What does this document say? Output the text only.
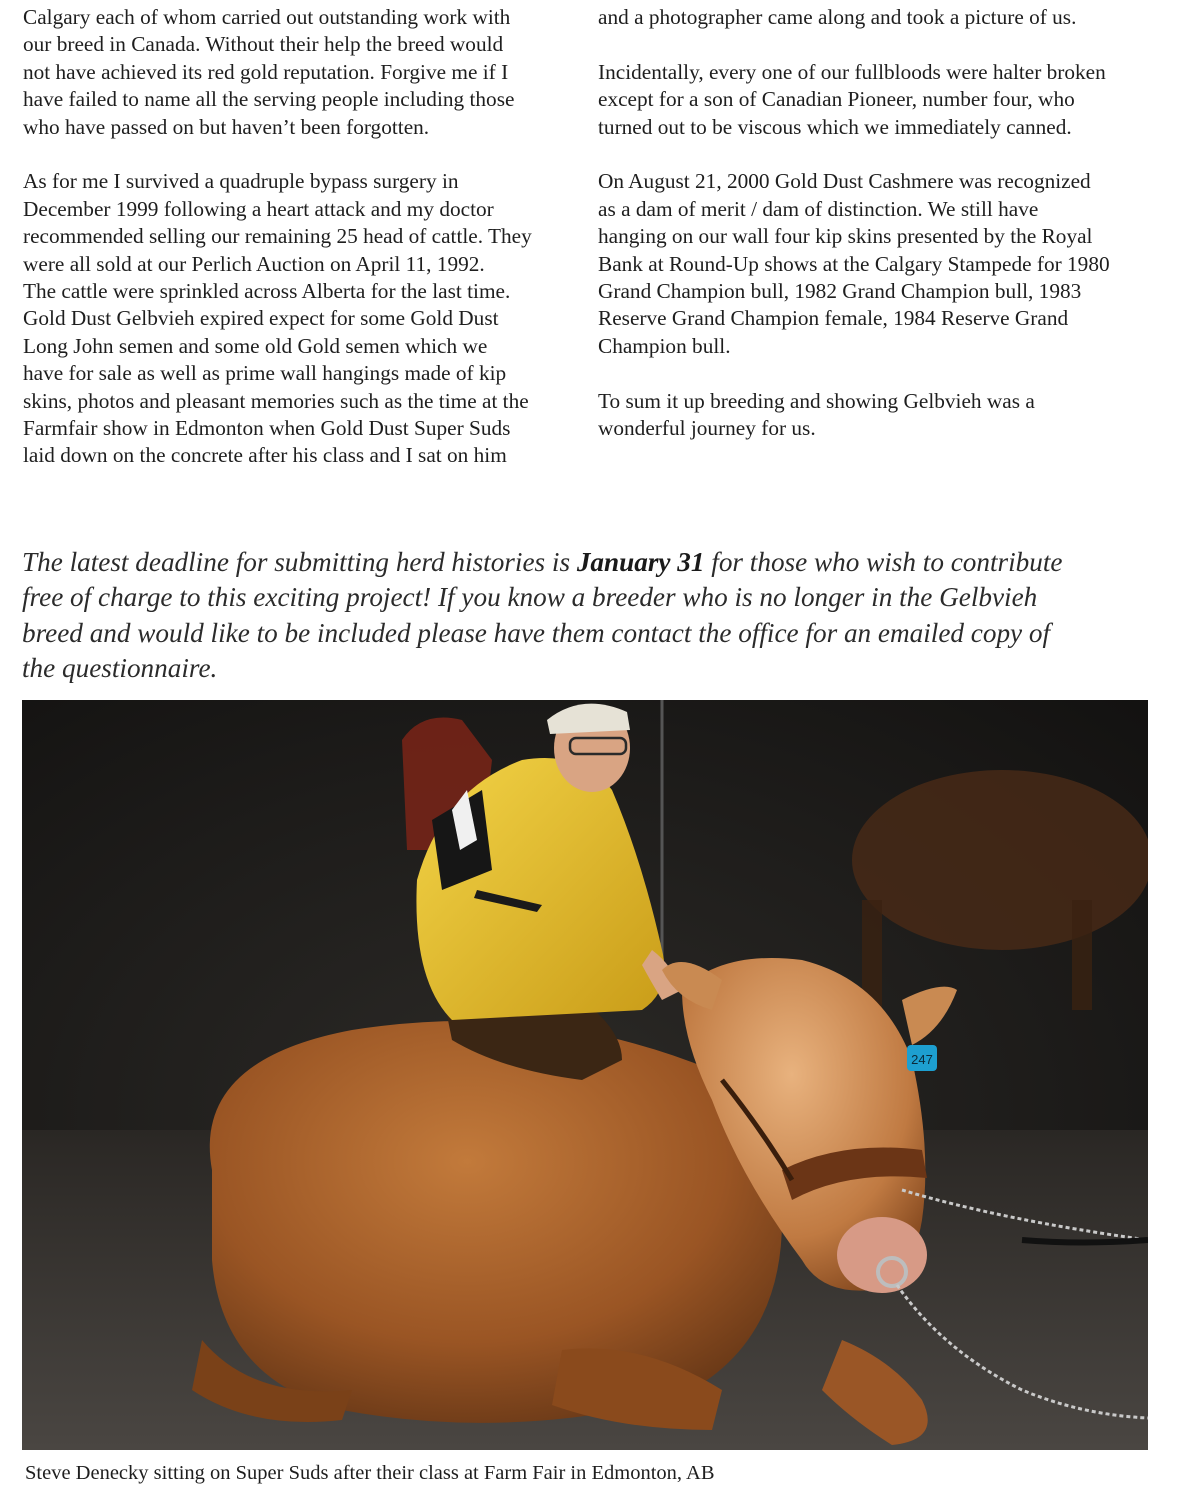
Calgary each of whom carried out outstanding work with
our breed in Canada. Without their help the breed would
not have achieved its red gold reputation. Forgive me if I
have failed to name all the serving people including those
who have passed on but haven’t been forgotten.

As for me I survived a quadruple bypass surgery in
December 1999 following a heart attack and my doctor
recommended selling our remaining 25 head of cattle. They
were all sold at our Perlich Auction on April 11, 1992.
The cattle were sprinkled across Alberta for the last time.
Gold Dust Gelbvieh expired expect for some Gold Dust
Long John semen and some old Gold semen which we
have for sale as well as prime wall hangings made of kip
skins, photos and pleasant memories such as the time at the
Farmfair show in Edmonton when Gold Dust Super Suds
laid down on the concrete after his class and I sat on him

and a photographer came along and took a picture of us.

Incidentally, every one of our fullbloods were halter broken
except for a son of Canadian Pioneer, number four, who
turned out to be viscous which we immediately canned.

On August 21, 2000 Gold Dust Cashmere was recognized
as a dam of merit / dam of distinction. We still have
hanging on our wall four kip skins presented by the Royal
Bank at Round-Up shows at the Calgary Stampede for 1980
Grand Champion bull, 1982 Grand Champion bull, 1983
Reserve Grand Champion female, 1984 Reserve Grand
Champion bull.

To sum it up breeding and showing Gelbvieh was a
wonderful journey for us.

The latest deadline for submitting herd histories is January 31 for those who wish to contribute
free of charge to this exciting project! If you know a breeder who is no longer in the Gelbvieh
breed and would like to be included please have them contact the office for an emailed copy of
the questionnaire.
247
Steve Denecky sitting on Super Suds after their class at Farm Fair in Edmonton, AB
